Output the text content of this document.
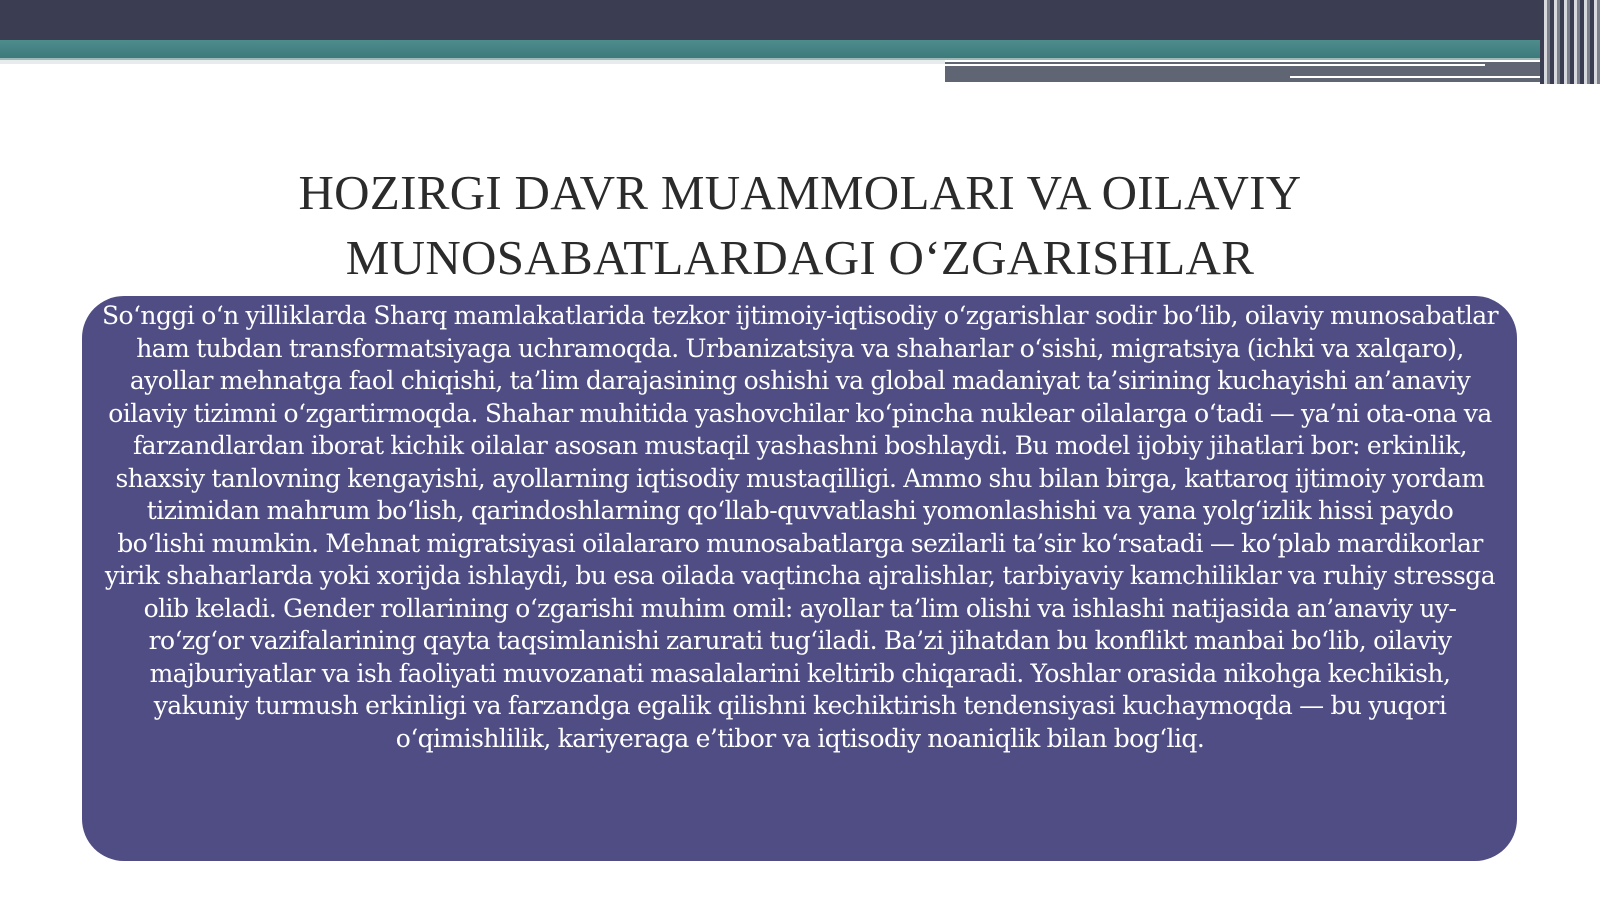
HOZIRGI DAVR MUAMMOLARI VA OILAVIY MUNOSABATLARDAGI O‘ZGARISHLAR

So‘nggi o‘n yilliklarda Sharq mamlakatlarida tezkor ijtimoiy-iqtisodiy o‘zgarishlar sodir bo‘lib, oilaviy munosabatlar ham tubdan transformatsiyaga uchramoqda. Urbanizatsiya va shaharlar o‘sishi, migratsiya (ichki va xalqaro), ayollar mehnatga faol chiqishi, ta’lim darajasining oshishi va global madaniyat ta’sirining kuchayishi an’anaviy oilaviy tizimni o‘zgartirmoqda. Shahar muhitida yashovchilar ko‘pincha nuklear oilalarga o‘tadi — ya’ni ota-ona va farzandlardan iborat kichik oilalar asosan mustaqil yashashni boshlaydi. Bu model ijobiy jihatlari bor: erkinlik, shaxsiy tanlovning kengayishi, ayollarning iqtisodiy mustaqilligi. Ammo shu bilan birga, kattaroq ijtimoiy yordam tizimidan mahrum bo‘lish, qarindoshlarning qo‘llab-quvvatlashi yomonlashishi va yana yolg‘izlik hissi paydo bo‘lishi mumkin. Mehnat migratsiyasi oilalararo munosabatlarga sezilarli ta’sir ko‘rsatadi — ko‘plab mardikorlar yirik shaharlarda yoki xorijda ishlaydi, bu esa oilada vaqtincha ajralishlar, tarbiyaviy kamchiliklar va ruhiy stressga olib keladi. Gender rollarining o‘zgarishi muhim omil: ayollar ta’lim olishi va ishlashi natijasida an’anaviy uy-ro‘zg‘or vazifalarining qayta taqsimlanishi zarurati tug‘iladi. Ba’zi jihatdan bu konflikt manbai bo‘lib, oilaviy majburiyatlar va ish faoliyati muvozanati masalalarini keltirib chiqaradi. Yoshlar orasida nikohga kechikish, yakuniy turmush erkinligi va farzandga egalik qilishni kechiktirish tendensiyasi kuchaymoqda — bu yuqori o‘qimishlilik, kariyeraga e’tibor va iqtisodiy noaniqlik bilan bog‘liq.
